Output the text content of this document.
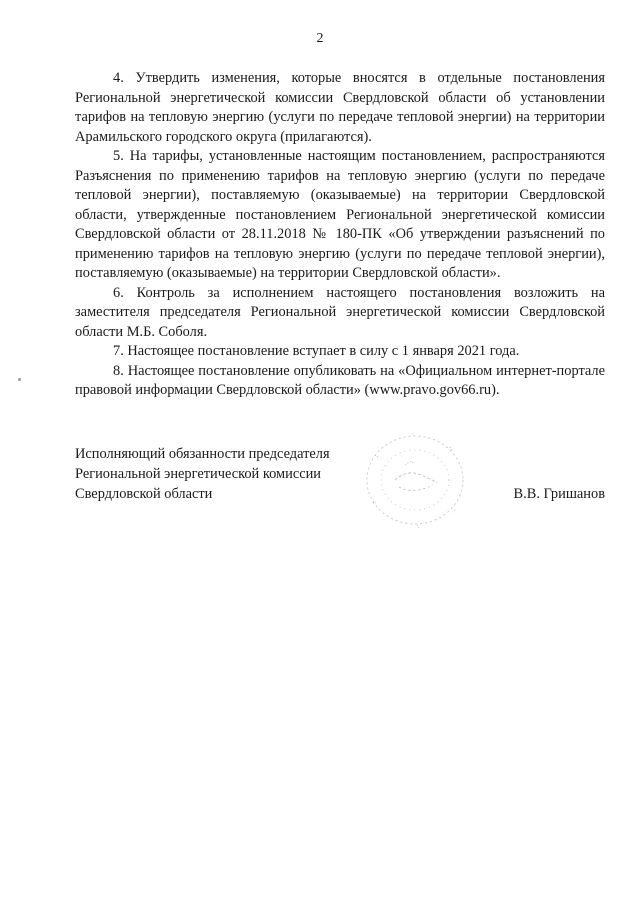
2

4. Утвердить изменения, которые вносятся в отдельные постановления Региональной энергетической комиссии Свердловской области об установлении тарифов на тепловую энергию (услуги по передаче тепловой энергии) на территории Арамильского городского округа (прилагаются).

5. На тарифы, установленные настоящим постановлением, распространяются Разъяснения по применению тарифов на тепловую энергию (услуги по передаче тепловой энергии), поставляемую (оказываемые) на территории Свердловской области, утвержденные постановлением Региональной энергетической комиссии Свердловской области от 28.11.2018 № 180-ПК «Об утверждении разъяснений по применению тарифов на тепловую энергию (услуги по передаче тепловой энергии), поставляемую (оказываемые) на территории Свердловской области».

6. Контроль за исполнением настоящего постановления возложить на заместителя председателя Региональной энергетической комиссии Свердловской области М.Б. Соболя.

7. Настоящее постановление вступает в силу с 1 января 2021 года.

8. Настоящее постановление опубликовать на «Официальном интернет-портале правовой информации Свердловской области» (www.pravo.gov66.ru).

Исполняющий обязанности председателя
Региональной энергетической комиссии
Свердловской области	В.В. Гришанов
